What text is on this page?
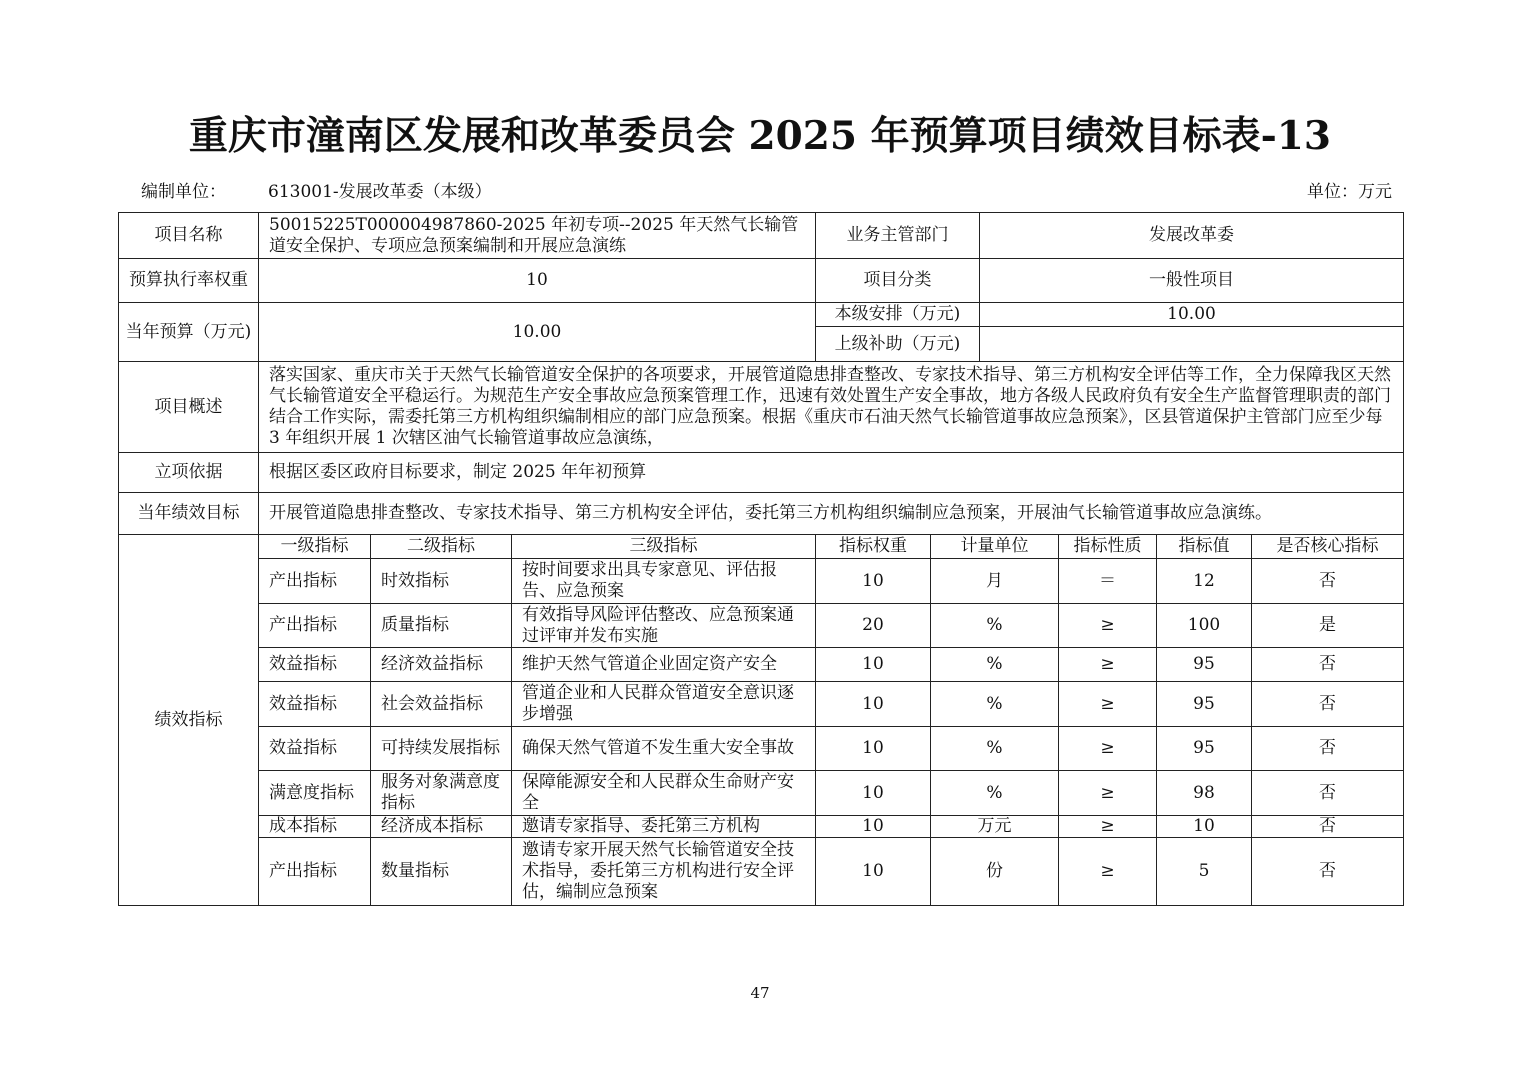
重庆市潼南区发展和改革委员会 2025 年预算项目绩效目标表-13
编制单位： 613001-发展改革委（本级）	单位：万元
项目名称	50015225T000004987860-2025 年初专项--2025 年天然气长输管道安全保护、专项应急预案编制和开展应急演练			业务主管部门		发展改革委			
预算执行率权重	10			项目分类		一般性项目			
当年预算（万元)	10.00			本级安排（万元)		10.00			
				上级补助（万元)					
项目概述	落实国家、重庆市关于天然气长输管道安全保护的各项要求，开展管道隐患排查整改、专家技术指导、第三方机构安全评估等工作，全力保障我区天然气长输管道安全平稳运行。为规范生产安全事故应急预案管理工作，迅速有效处置生产安全事故，地方各级人民政府负有安全生产监督管理职责的部门结合工作实际，需委托第三方机构组织编制相应的部门应急预案。根据《重庆市石油天然气长输管道事故应急预案》，区县管道保护主管部门应至少每 3 年组织开展 1 次辖区油气长输管道事故应急演练，								
立项依据	根据区委区政府目标要求，制定 2025 年年初预算								
当年绩效目标	开展管道隐患排查整改、专家技术指导、第三方机构安全评估，委托第三方机构组织编制应急预案，开展油气长输管道事故应急演练。								
绩效指标	一级指标	二级指标	三级指标	指标权重	计量单位		指标性质	指标值	是否核心指标
	产出指标	时效指标	按时间要求出具专家意见、评估报告、应急预案	10	月		＝	12	否
	产出指标	质量指标	有效指导风险评估整改、应急预案通过评审并发布实施	20	%		≥	100	是
	效益指标	经济效益指标	维护天然气管道企业固定资产安全	10	%		≥	95	否
	效益指标	社会效益指标	管道企业和人民群众管道安全意识逐步增强	10	%		≥	95	否
	效益指标	可持续发展指标	确保天然气管道不发生重大安全事故	10	%		≥	95	否
	满意度指标	服务对象满意度指标	保障能源安全和人民群众生命财产安全	10	%		≥	98	否
	成本指标	经济成本指标	邀请专家指导、委托第三方机构	10	万元		≥	10	否
	产出指标	数量指标	邀请专家开展天然气长输管道安全技术指导，委托第三方机构进行安全评估，编制应急预案	10	份		≥	5	否
47
